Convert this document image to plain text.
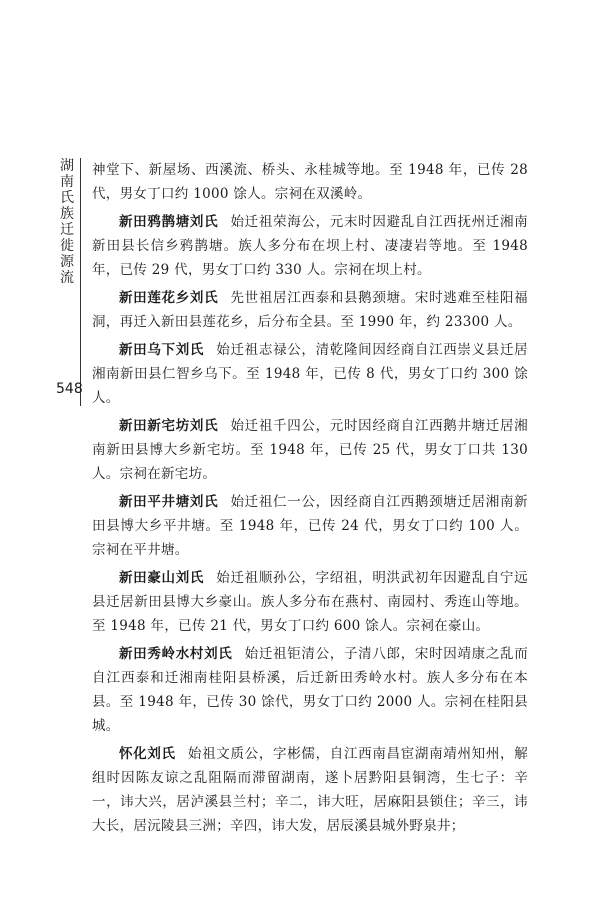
湖南氏族迁徙源流
548

神堂下、新屋场、西溪流、桥头、永桂城等地。至 1948 年，已传 28 代，男女丁口约 1000 馀人。宗祠在双溪岭。

新田鸦鹊塘刘氏 始迁祖荣海公，元末时因避乱自江西抚州迁湘南新田县长信乡鸦鹊塘。族人多分布在坝上村、凄凄岩等地。至 1948 年，已传 29 代，男女丁口约 330 人。宗祠在坝上村。

新田莲花乡刘氏 先世祖居江西泰和县鹅颈塘。宋时逃难至桂阳福洞，再迁入新田县莲花乡，后分布全县。至 1990 年，约 23300 人。

新田乌下刘氏 始迁祖志禄公，清乾隆间因经商自江西崇义县迁居湘南新田县仁智乡乌下。至 1948 年，已传 8 代，男女丁口约 300 馀人。

新田新宅坊刘氏 始迁祖千四公，元时因经商自江西鹅井塘迁居湘南新田县博大乡新宅坊。至 1948 年，已传 25 代，男女丁口共 130 人。宗祠在新宅坊。

新田平井塘刘氏 始迁祖仁一公，因经商自江西鹅颈塘迁居湘南新田县博大乡平井塘。至 1948 年，已传 24 代，男女丁口约 100 人。宗祠在平井塘。

新田豪山刘氏 始迁祖顺孙公，字绍祖，明洪武初年因避乱自宁远县迁居新田县博大乡豪山。族人多分布在燕村、南园村、秀连山等地。至 1948 年，已传 21 代，男女丁口约 600 馀人。宗祠在豪山。

新田秀岭水村刘氏 始迁祖钜清公，子清八郎，宋时因靖康之乱而自江西泰和迁湘南桂阳县桥溪，后迁新田秀岭水村。族人多分布在本县。至 1948 年，已传 30 馀代，男女丁口约 2000 人。宗祠在桂阳县城。

怀化刘氏 始祖文质公，字彬儒，自江西南昌宦湖南靖州知州，解组时因陈友谅之乱阻隔而滞留湖南，遂卜居黔阳县铜湾，生七子：辛一，讳大兴，居泸溪县兰村；辛二，讳大旺，居麻阳县锁住；辛三，讳大长，居沅陵县三洲；辛四，讳大发，居辰溪县城外野泉井；
